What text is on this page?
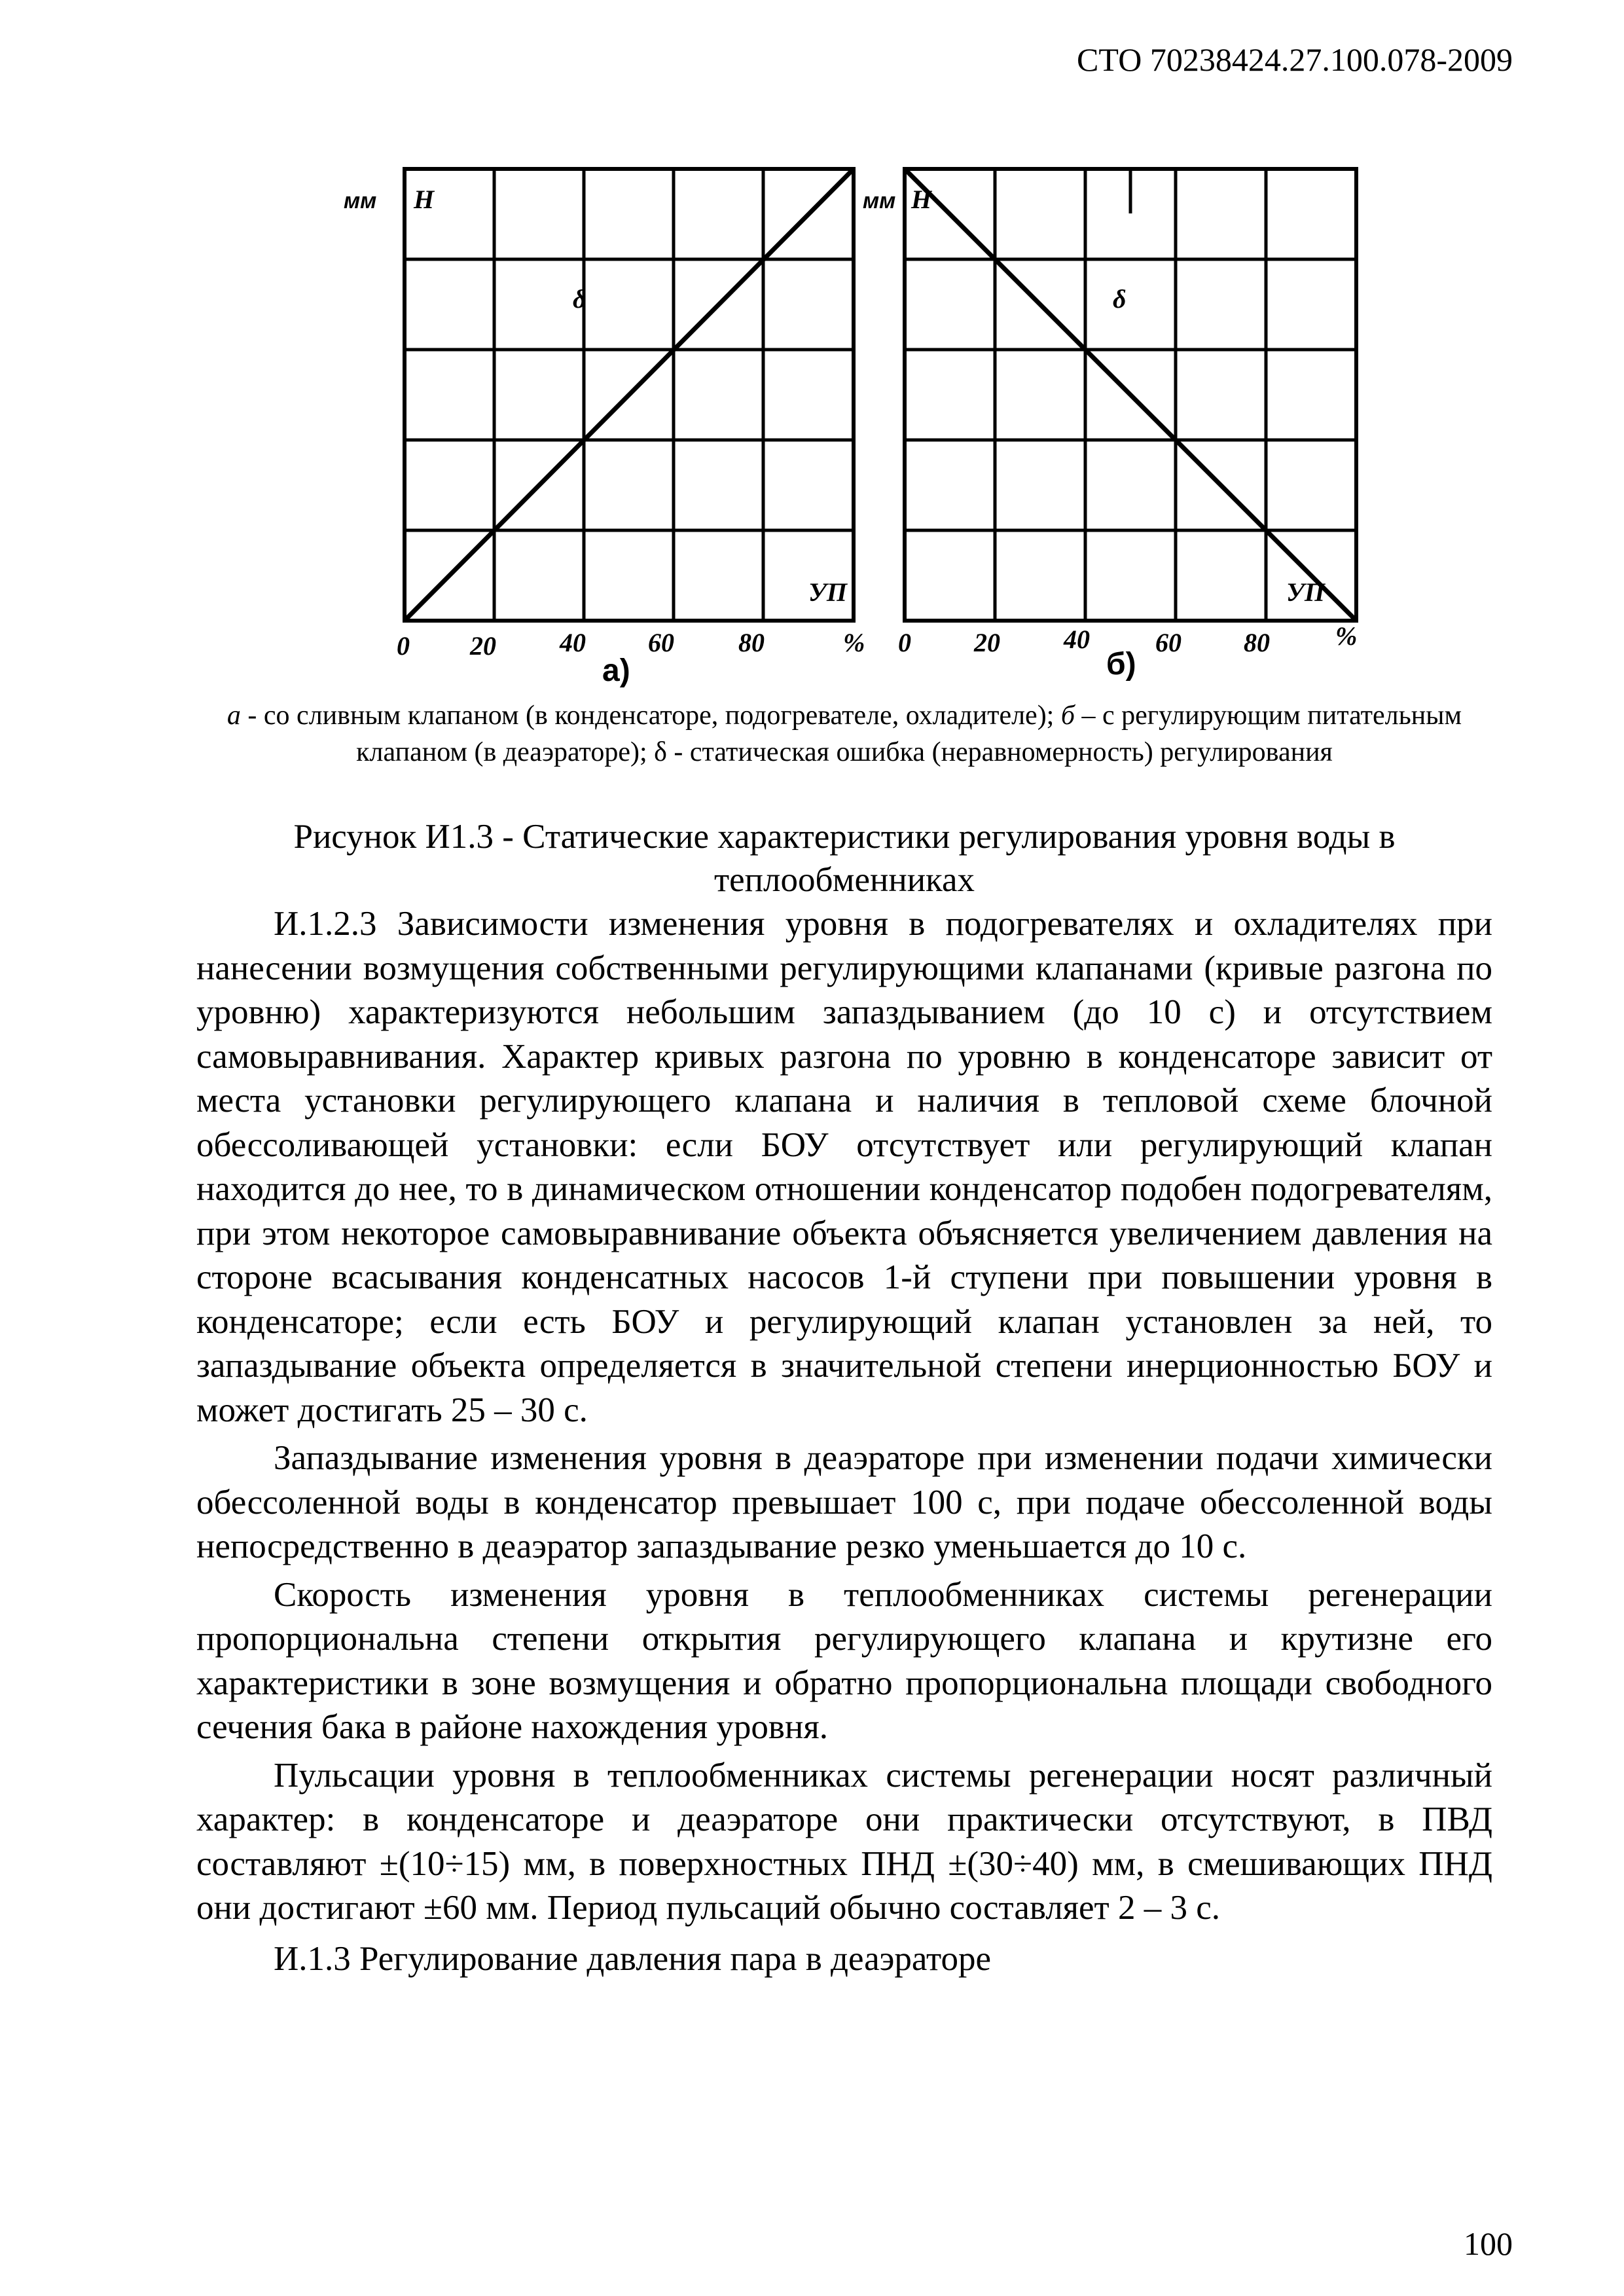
СТО 70238424.27.100.078-2009
мм Н
δ
УП
0 20 40 60 80	%
а)
мм Н
δ
УП
0 20 40	60 80	%
б)
а - со сливным клапаном (в конденсаторе, подогревателе, охладителе); б – с регулирующим питательным клапаном (в деаэраторе); δ - статическая ошибка (неравномерность) регулирования
Рисунок И1.3 - Статические характеристики регулирования уровня воды в теплообменниках

И.1.2.3 Зависимости изменения уровня в подогревателях и охладителях при нанесении возмущения собственными регулирующими клапанами (кривые разгона по уровню) характеризуются небольшим запаздыванием (до 10 с) и отсутствием самовыравнивания. Характер кривых разгона по уровню в конденсаторе зависит от места установки регулирующего клапана и наличия в тепловой схеме блочной обессоливающей установки: если БОУ отсутствует или регулирующий клапан находится до нее, то в динамическом отношении конденсатор подобен подогревателям, при этом некоторое самовыравнивание объекта объясняется увеличением давления на стороне всасывания конденсатных насосов 1-й ступени при повышении уровня в конденсаторе; если есть БОУ и регулирующий клапан установлен за ней, то запаздывание объекта определяется в значительной степени инерционностью БОУ и может достигать 25 – 30 с.

Запаздывание изменения уровня в деаэраторе при изменении подачи химически обессоленной воды в конденсатор превышает 100 с, при подаче обессоленной воды непосредственно в деаэратор запаздывание резко уменьшается до 10 с.

Скорость изменения уровня в теплообменниках системы регенерации пропорциональна степени открытия регулирующего клапана и крутизне его характеристики в зоне возмущения и обратно пропорциональна площади свободного сечения бака в районе нахождения уровня.

Пульсации уровня в теплообменниках системы регенерации носят различный характер: в конденсаторе и деаэраторе они практически отсутствуют, в ПВД составляют ±(10÷15) мм, в поверхностных ПНД ±(30÷40) мм, в смешивающих ПНД они достигают ±60 мм. Период пульсаций обычно составляет 2 – 3 с.

И.1.3 Регулирование давления пара в деаэраторе

100
